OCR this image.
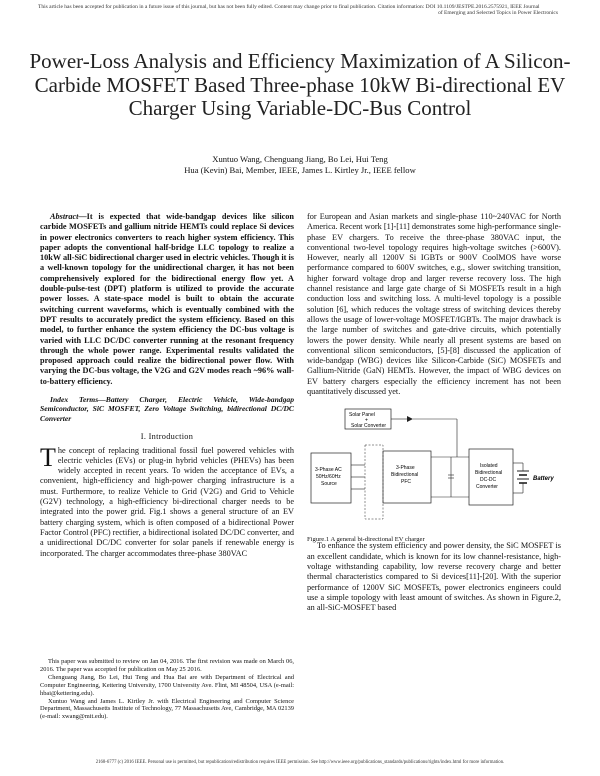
This article has been accepted for publication in a future issue of this journal, but has not been fully edited. Content may change prior to final publication. Citation information: DOI 10.1109/JESTPE.2016.2575921, IEEE Journal
of Emerging and Selected Topics in Power Electronics
Power-Loss Analysis and Efficiency Maximization of A Silicon-Carbide MOSFET Based Three-phase 10kW Bi-directional EV Charger Using Variable-DC-Bus Control
Xuntuo Wang, Chenguang Jiang, Bo Lei, Hui Teng
Hua (Kevin) Bai, Member, IEEE, James L. Kirtley Jr., IEEE fellow

Abstract—It is expected that wide-bandgap devices like silicon carbide MOSFETs and gallium nitride HEMTs could replace Si devices in power electronics converters to reach higher system efficiency. This paper adopts the conventional half-bridge LLC topology to realize a 10kW all-SiC bidirectional charger used in electric vehicles. Though it is a well-known topology for the unidirectional charger, it has not been comprehensively explored for the bidirectional energy flow yet. A double-pulse-test (DPT) platform is utilized to provide the accurate power losses. A state-space model is built to obtain the accurate switching current waveforms, which is eventually combined with the DPT results to accurately predict the system efficiency. Based on this model, to further enhance the system efficiency the DC-bus voltage is varied with LLC DC/DC converter running at the resonant frequency through the whole power range. Experimental results validated the proposed approach could realize the bidirectional power flow. With varying the DC-bus voltage, the V2G and G2V modes reach ~96% wall-to-battery efficiency.

Index Terms—Battery Charger, Electric Vehicle, Wide-bandgap Semiconductor, SiC MOSFET, Zero Voltage Switching, bidirectional DC/DC Converter

I. Introduction

The concept of replacing traditional fossil fuel powered vehicles with electric vehicles (EVs) or plug-in hybrid vehicles (PHEVs) has been widely accepted in recent years. To widen the acceptance of EVs, a convenient, high-efficiency and high-power charging infrastructure is a must. Furthermore, to realize Vehicle to Grid (V2G) and Grid to Vehicle (G2V) technology, a high-efficiency bi-directional charger needs to be integrated into the power grid. Fig.1 shows a general structure of an EV battery charging system, which is often composed of a bidirectional Power Factor Control (PFC) rectifier, a bidirectional isolated DC/DC converter, and a unidirectional DC/DC converter for solar panels if renewable energy is incorporated. The charger accommodates three-phase 380VAC

This paper was submitted to review on Jan 04, 2016. The first revision was made on March 06, 2016. The paper was accepted for publication on May 25 2016.

Chenguang Jiang, Bo Lei, Hui Teng and Hua Bai are with Department of Electrical and Computer Engineering, Kettering University, 1700 University Ave. Flint, MI 48504, USA (e-mail: hbai@kettering.edu).

Xuntuo Wang and James L. Kirtley Jr. with Electrical Engineering and Computer Science Department, Massachusetts Institute of Technology, 77 Massachusetts Ave, Cambridge, MA 02139 (e-mail: xwang@mit.edu).

for European and Asian markets and single-phase 110~240VAC for North America. Recent work [1]-[11] demonstrates some high-performance single-phase EV chargers. To receive the three-phase 380VAC input, the conventional two-level topology requires high-voltage switches (>600V). However, nearly all 1200V Si IGBTs or 900V CoolMOS have worse performance compared to 600V switches, e.g., slower switching transition, higher forward voltage drop and larger reverse recovery loss. The high channel resistance and large gate charge of Si MOSFETs result in a high conduction loss and switching loss. A multi-level topology is a possible solution [6], which reduces the voltage stress of switching devices thereby allows the usage of lower-voltage MOSFET/IGBTs. The major drawback is the large number of switches and gate-drive circuits, which potentially lowers the power density. While nearly all present systems are based on conventional silicon semiconductors, [5]-[8] discussed the application of wide-bandgap (WBG) devices like Silicon-Carbide (SiC) MOSFETs and Gallium-Nitride (GaN) HEMTs. However, the impact of WBG devices on EV battery chargers especially the efficiency increment has not been quantitatively discussed yet.

Solar Panel
+
Solar Converter
3-Phase AC
50Hz/60Hz
Source
3-Phase
Bidirectional
PFC
Isolated
Bidirectional
DC-DC
Converter
Battery
Figure.1 A general bi-directional EV charger

To enhance the system efficiency and power density, the SiC MOSFET is an excellent candidate, which is known for its low channel-resistance, high-voltage withstanding capability, low reverse recovery charge and better thermal characteristics compared to Si devices[11]-[20]. With the superior performance of 1200V SiC MOSFETs, power electronics engineers could use a simple topology with least amount of switches. As shown in Figure.2, an all-SiC-MOSFET based

2168-6777 (c) 2016 IEEE. Personal use is permitted, but republication/redistribution requires IEEE permission. See http://www.ieee.org/publications_standards/publications/rights/index.html for more information.
